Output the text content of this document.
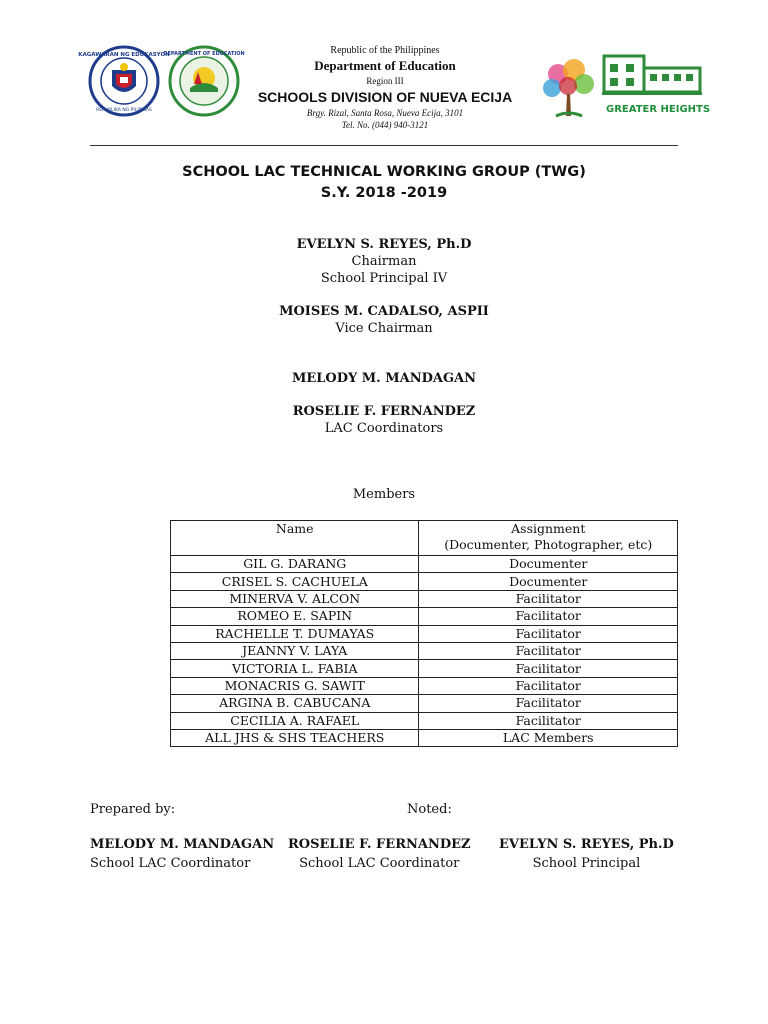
KAGAWARAN NG EDUKASYON
REPUBLIKA NG PILIPINAS
DEPARTMENT OF EDUCATION	Republic of the Philippines
Department of Education
Region III
SCHOOLS DIVISION OF NUEVA ECIJA
Brgy. Rizal, Santa Rosa, Nueva Ecija, 3101
Tel. No. (044) 940-3121
GREATER HEIGHTS
SCHOOL LAC TECHNICAL WORKING GROUP (TWG)
S.Y. 2018 -2019
EVELYN S. REYES, Ph.D
Chairman
School Principal IV
MOISES M. CADALSO, ASPII
Vice Chairman
MELODY M. MANDAGAN
ROSELIE F. FERNANDEZ
LAC Coordinators
Members
Name	Assignment
(Documenter, Photographer, etc)

GIL G. DARANG	Documenter
CRISEL S. CACHUELA	Documenter
MINERVA V. ALCON	Facilitator
ROMEO E. SAPIN	Facilitator
RACHELLE T. DUMAYAS	Facilitator
JEANNY V. LAYA	Facilitator
VICTORIA L. FABIA	Facilitator
MONACRIS G. SAWIT	Facilitator
ARGINA B. CABUCANA	Facilitator
CECILIA A. RAFAEL	Facilitator
ALL JHS & SHS TEACHERS	LAC Members
Prepared by:	Noted:
MELODY M. MANDAGAN
School LAC Coordinator
ROSELIE F. FERNANDEZ
School LAC Coordinator
EVELYN S. REYES, Ph.D
School Principal
